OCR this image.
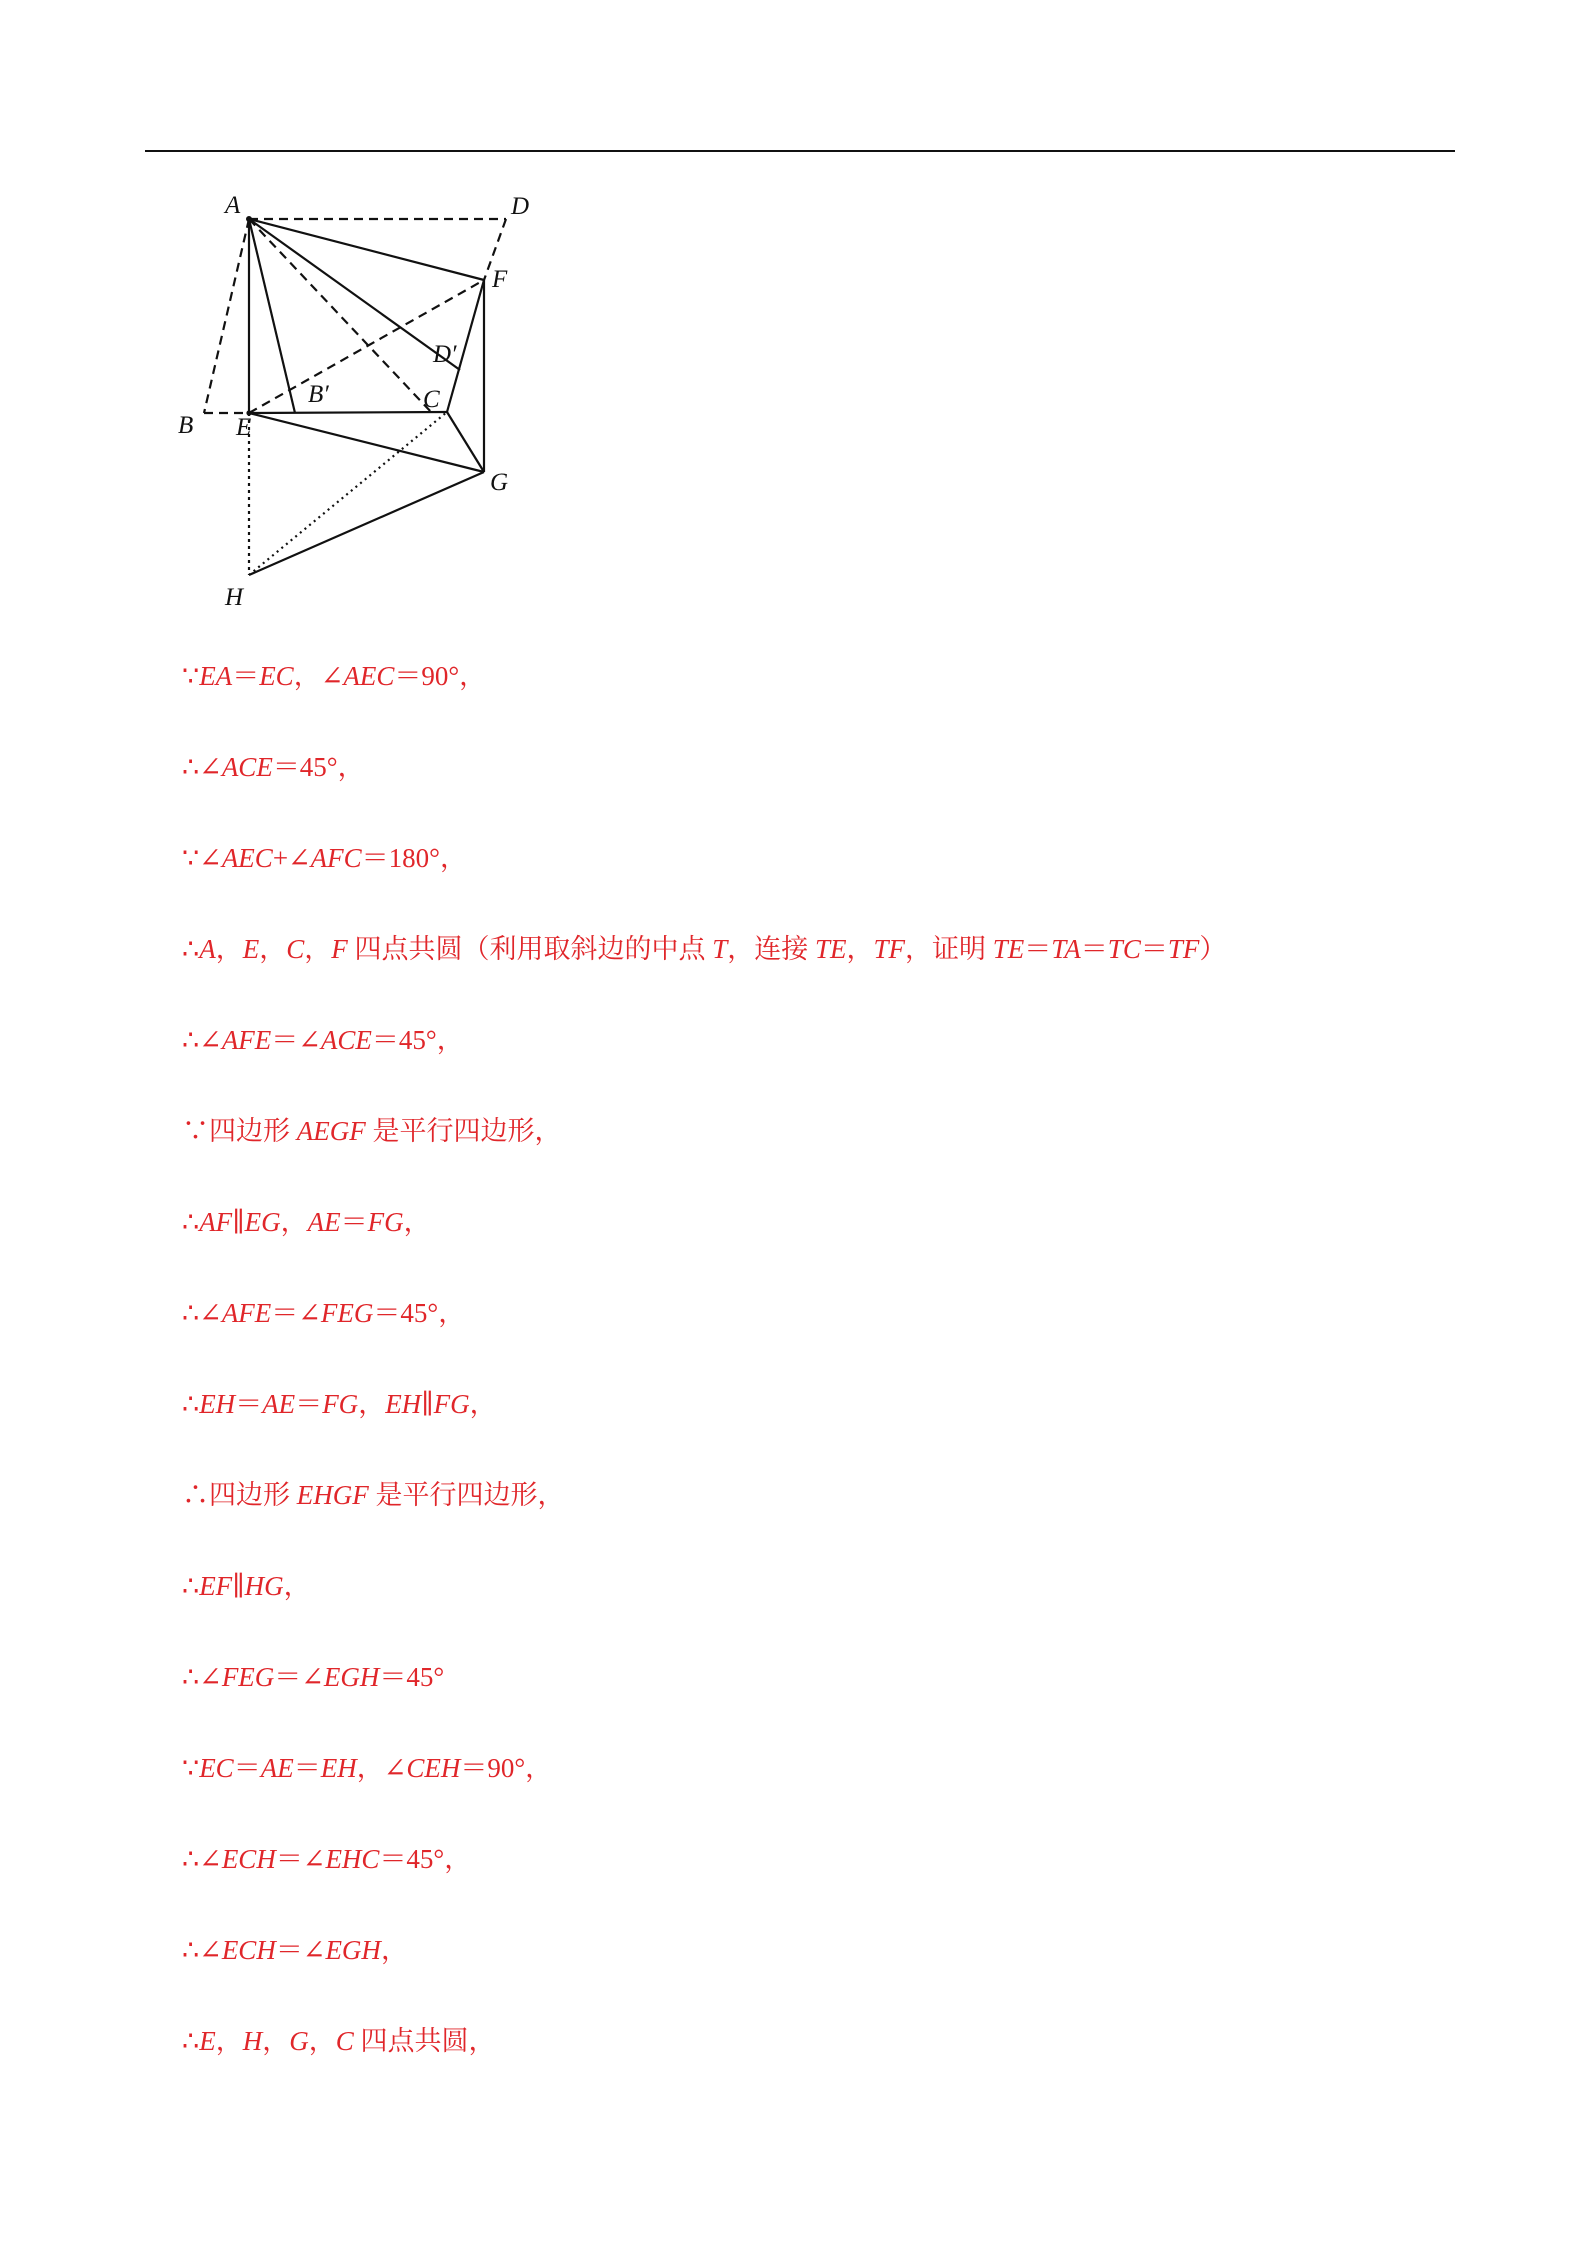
A	D
F
D′
B′	C
B E
G
H
∵EA＝EC，∠AEC＝90°，
∴∠ACE＝45°，
∵∠AEC+∠AFC＝180°，
∴A，E，C，F 四点共圆（利用取斜边的中点 T，连接 TE，TF，证明 TE＝TA＝TC＝TF）
∴∠AFE＝∠ACE＝45°，
∵四边形 AEGF 是平行四边形，
∴AF∥EG，AE＝FG，
∴∠AFE＝∠FEG＝45°，
∴EH＝AE＝FG，EH∥FG，
∴四边形 EHGF 是平行四边形，
∴EF∥HG，
∴∠FEG＝∠EGH＝45°
∵EC＝AE＝EH，∠CEH＝90°，
∴∠ECH＝∠EHC＝45°，
∴∠ECH＝∠EGH，
∴E，H，G，C 四点共圆，
